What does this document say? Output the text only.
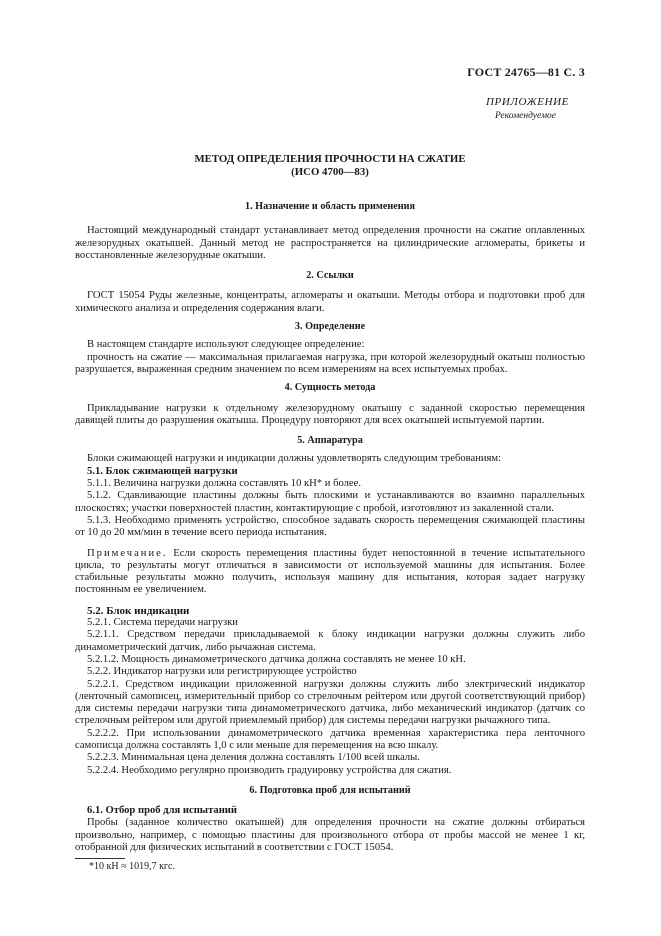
ГОСТ 24765—81 С. 3
ПРИЛОЖЕНИЕ
Рекомендуемое
МЕТОД ОПРЕДЕЛЕНИЯ ПРОЧНОСТИ НА СЖАТИЕ
(ИСО 4700—83)
1. Назначение и область применения

Настоящий международный стандарт устанавливает метод определения прочности на сжатие оплавленных железорудных окатышей. Данный метод не распространяется на цилиндрические агломераты, брикеты и восстановленные железорудные окатыши.

2. Ссылки

ГОСТ 15054 Руды железные, концентраты, агломераты и окатыши. Методы отбора и подготовки проб для химического анализа и определения содержания влаги.

3. Определение

В настоящем стандарте используют следующее определение:

прочность на сжатие — максимальная прилагаемая нагрузка, при которой железорудный окатыш полностью разрушается, выраженная средним значением по всем измерениям на всех испытуемых пробах.

4. Сущность метода

Прикладывание нагрузки к отдельному железорудному окатышу с заданной скоростью перемещения давящей плиты до разрушения окатыша. Процедуру повторяют для всех окатышей испытуемой партии.

5. Аппаратура

Блоки сжимающей нагрузки и индикации должны удовлетворять следующим требованиям:

5.1. Блок сжимающей нагрузки

5.1.1. Величина нагрузки должна составлять 10 кН* и более.

5.1.2. Сдавливающие пластины должны быть плоскими и устанавливаются во взаимно параллельных плоскостях; участки поверхностей пластин, контактирующие с пробой, изготовляют из закаленной стали.

5.1.3. Необходимо применять устройство, способное задавать скорость перемещения сжимающей пластины от 10 до 20 мм/мин в течение всего периода испытания.

Примечание. Если скорость перемещения пластины будет непостоянной в течение испытательного цикла, то результаты могут отличаться в зависимости от используемой машины для испытания. Более стабильные результаты можно получить, используя машину для испытания, которая задает нагрузку постоянным ее увеличением.

5.2. Блок индикации

5.2.1. Система передачи нагрузки

5.2.1.1. Средством передачи прикладываемой к блоку индикации нагрузки должны служить либо динамометрический датчик, либо рычажная система.

5.2.1.2. Мощность динамометрического датчика должна составлять не менее 10 кН.

5.2.2. Индикатор нагрузки или регистрирующее устройство

5.2.2.1. Средством индикации приложенной нагрузки должны служить либо электрический индикатор (ленточный самописец, измерительный прибор со стрелочным рейтером или другой соответствующий прибор) для системы передачи нагрузки типа динамометрического датчика, либо механический индикатор (датчик со стрелочным рейтером или другой приемлемый прибор) для системы передачи нагрузки рычажного типа.

5.2.2.2. При использовании динамометрического датчика временная характеристика пера ленточного самописца должна составлять 1,0 с или меньше для перемещения на всю шкалу.

5.2.2.3. Минимальная цена деления должна составлять 1/100 всей шкалы.

5.2.2.4. Необходимо регулярно производить градуировку устройства для сжатия.

6. Подготовка проб для испытаний
6.1. Отбор проб для испытаний

Пробы (заданное количество окатышей) для определения прочности на сжатие должны отбираться произвольно, например, с помощью пластины для произвольного отбора от пробы массой не менее 1 кг, отобранной для физических испытаний в соответствии с ГОСТ 15054.

*10 кН ≈ 1019,7 кгс.
